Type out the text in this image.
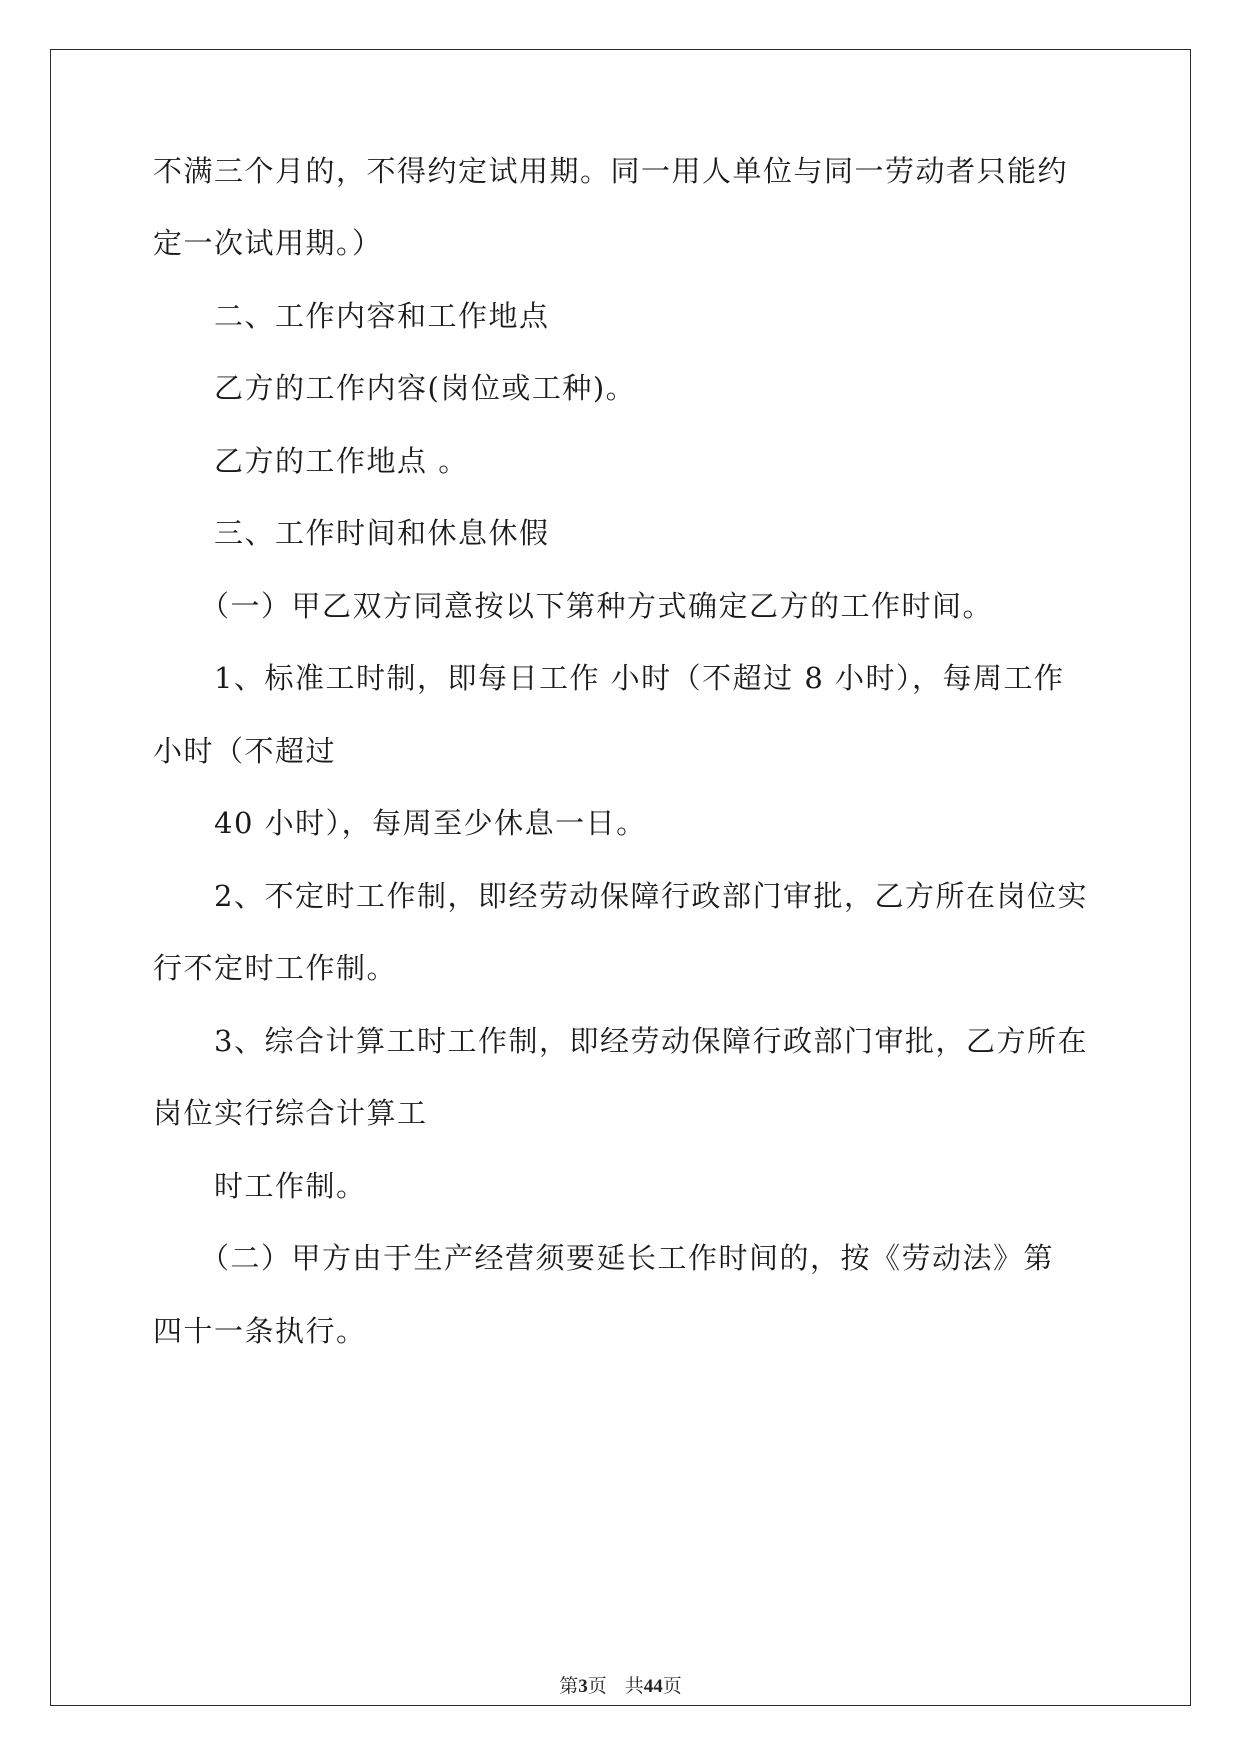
不满三个月的，不得约定试用期。同一用人单位与同一劳动者只能约
定一次试用期。）
二、工作内容和工作地点
乙方的工作内容(岗位或工种)。
乙方的工作地点 。
三、工作时间和休息休假
（一）甲乙双方同意按以下第种方式确定乙方的工作时间。
1、标准工时制，即每日工作 小时（不超过 8 小时），每周工作
小时（不超过
40 小时），每周至少休息一日。
2、不定时工作制，即经劳动保障行政部门审批，乙方所在岗位实
行不定时工作制。
3、综合计算工时工作制，即经劳动保障行政部门审批，乙方所在
岗位实行综合计算工
时工作制。
（二）甲方由于生产经营须要延长工作时间的，按《劳动法》第
四十一条执行。
第3页 共44页
